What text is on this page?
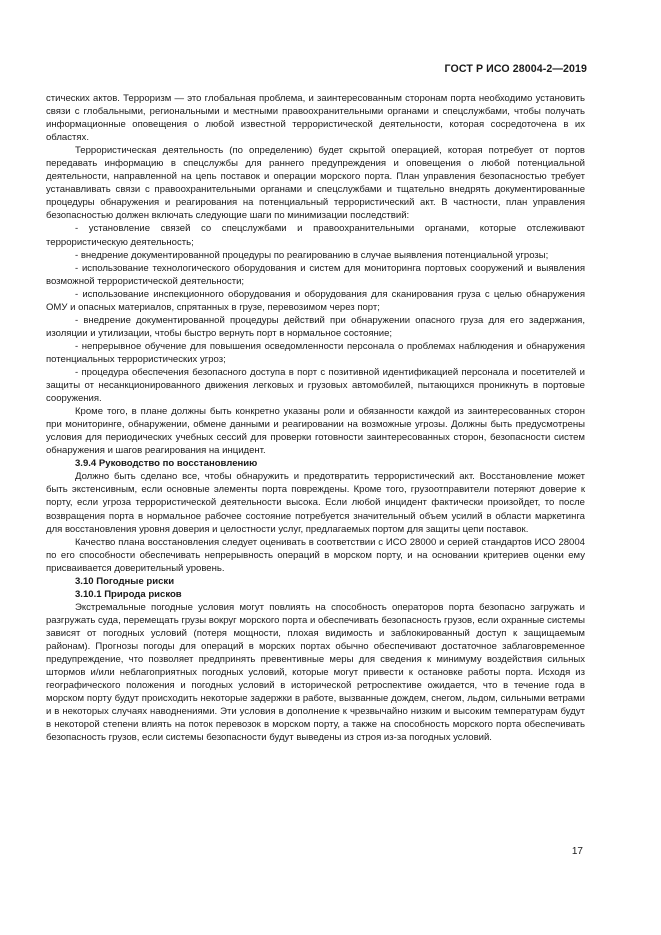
ГОСТ Р ИСО 28004-2—2019

стических актов. Терроризм — это глобальная проблема, и заинтересованным сторонам порта необходимо установить связи с глобальными, региональными и местными правоохранительными органами и спецслужбами, чтобы получать информационные оповещения о любой известной террористической деятельности, которая сосредоточена в их областях.

Террористическая деятельность (по определению) будет скрытой операцией, которая потребует от портов передавать информацию в спецслужбы для раннего предупреждения и оповещения о любой потенциальной деятельности, направленной на цепь поставок и операции морского порта. План управления безопасностью требует устанавливать связи с правоохранительными органами и спецслужбами и тщательно внедрять документированные процедуры обнаружения и реагирования на потенциальный террористический акт. В частности, план управления безопасностью должен включать следующие шаги по минимизации последствий:

- установление связей со спецслужбами и правоохранительными органами, которые отслеживают террористическую деятельность;

- внедрение документированной процедуры по реагированию в случае выявления потенциальной угрозы;

- использование технологического оборудования и систем для мониторинга портовых сооружений и выявления возможной террористической деятельности;

- использование инспекционного оборудования и оборудования для сканирования груза с целью обнаружения ОМУ и опасных материалов, спрятанных в грузе, перевозимом через порт;

- внедрение документированной процедуры действий при обнаружении опасного груза для его задержания, изоляции и утилизации, чтобы быстро вернуть порт в нормальное состояние;

- непрерывное обучение для повышения осведомленности персонала о проблемах наблюдения и обнаружения потенциальных террористических угроз;

- процедура обеспечения безопасного доступа в порт с позитивной идентификацией персонала и посетителей и защиты от несанкционированного движения легковых и грузовых автомобилей, пытающихся проникнуть в портовые сооружения.

Кроме того, в плане должны быть конкретно указаны роли и обязанности каждой из заинтересованных сторон при мониторинге, обнаружении, обмене данными и реагировании на возможные угрозы. Должны быть предусмотрены условия для периодических учебных сессий для проверки готовности заинтересованных сторон, безопасности систем обнаружения и шагов реагирования на инцидент.

3.9.4 Руководство по восстановлению

Должно быть сделано все, чтобы обнаружить и предотвратить террористический акт. Восстановление может быть экстенсивным, если основные элементы порта повреждены. Кроме того, грузоотправители потеряют доверие к порту, если угроза террористической деятельности высока. Если любой инцидент фактически произойдет, то после возвращения порта в нормальное рабочее состояние потребуется значительный объем усилий в области маркетинга для восстановления уровня доверия и целостности услуг, предлагаемых портом для защиты цепи поставок.

Качество плана восстановления следует оценивать в соответствии с ИСО 28000 и серией стандартов ИСО 28004 по его способности обеспечивать непрерывность операций в морском порту, и на основании критериев оценки ему присваивается доверительный уровень.

3.10 Погодные риски

3.10.1 Природа рисков

Экстремальные погодные условия могут повлиять на способность операторов порта безопасно загружать и разгружать суда, перемещать грузы вокруг морского порта и обеспечивать безопасность грузов, если охранные системы зависят от погодных условий (потеря мощности, плохая видимость и заблокированный доступ к защищаемым районам). Прогнозы погоды для операций в морских портах обычно обеспечивают достаточное заблаговременное предупреждение, что позволяет предпринять превентивные меры для сведения к минимуму воздействия сильных штормов и/или неблагоприятных погодных условий, которые могут привести к остановке работы порта. Исходя из географического положения и погодных условий в исторической ретроспективе ожидается, что в течение года в морском порту будут происходить некоторые задержки в работе, вызванные дождем, снегом, льдом, сильными ветрами и в некоторых случаях наводнениями. Эти условия в дополнение к чрезвычайно низким и высоким температурам будут в некоторой степени влиять на поток перевозок в морском порту, а также на способность морского порта обеспечивать безопасность грузов, если системы безопасности будут выведены из строя из-за погодных условий.

17
